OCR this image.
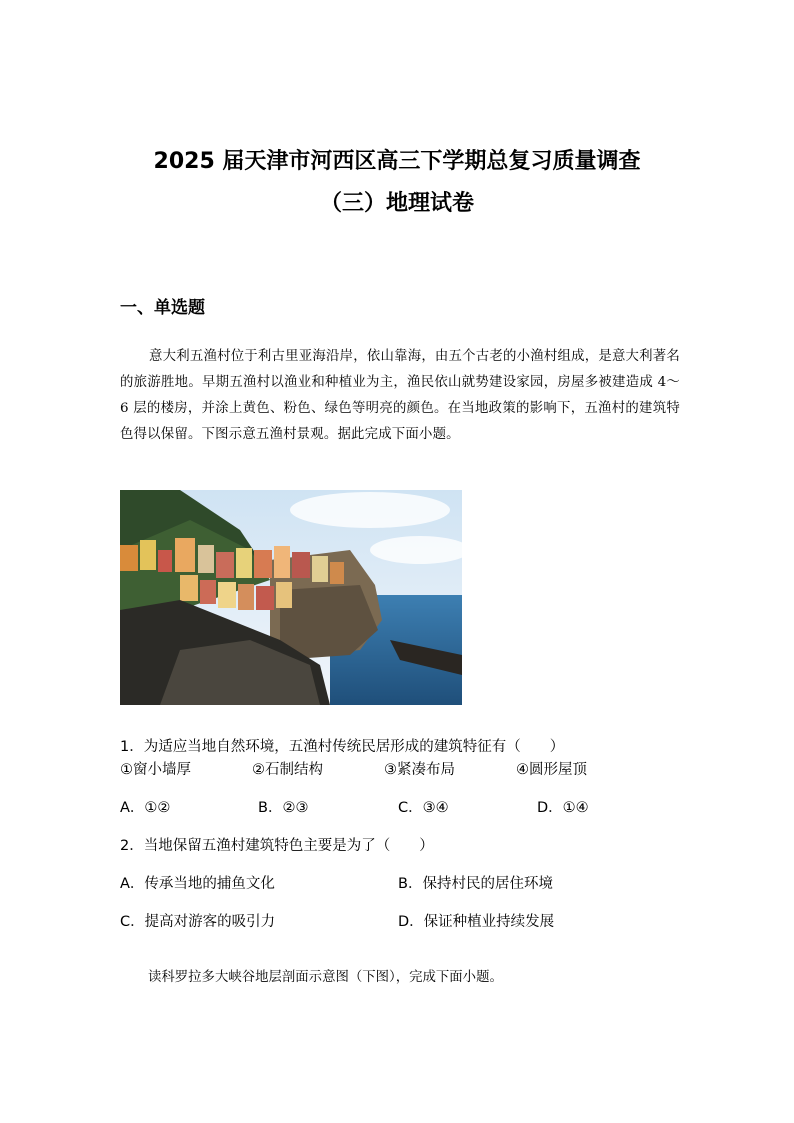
2025 届天津市河西区高三下学期总复习质量调查
（三）地理试卷
一、单选题
意大利五渔村位于利古里亚海沿岸，依山靠海，由五个古老的小渔村组成，是意大利著名的旅游胜地。早期五渔村以渔业和种植业为主，渔民依山就势建设家园，房屋多被建造成 4～6 层的楼房，并涂上黄色、粉色、绿色等明亮的颜色。在当地政策的影响下，五渔村的建筑特色得以保留。下图示意五渔村景观。据此完成下面小题。
1．为适应当地自然环境，五渔村传统民居形成的建筑特征有（　　）
①窗小墙厚	②石制结构	③紧凑布局	④圆形屋顶
A．①②	B．②③	C．③④	D．①④
2．当地保留五渔村建筑特色主要是为了（　　）
A．传承当地的捕鱼文化	B．保持村民的居住环境
C．提高对游客的吸引力	D．保证种植业持续发展
读科罗拉多大峡谷地层剖面示意图（下图），完成下面小题。
